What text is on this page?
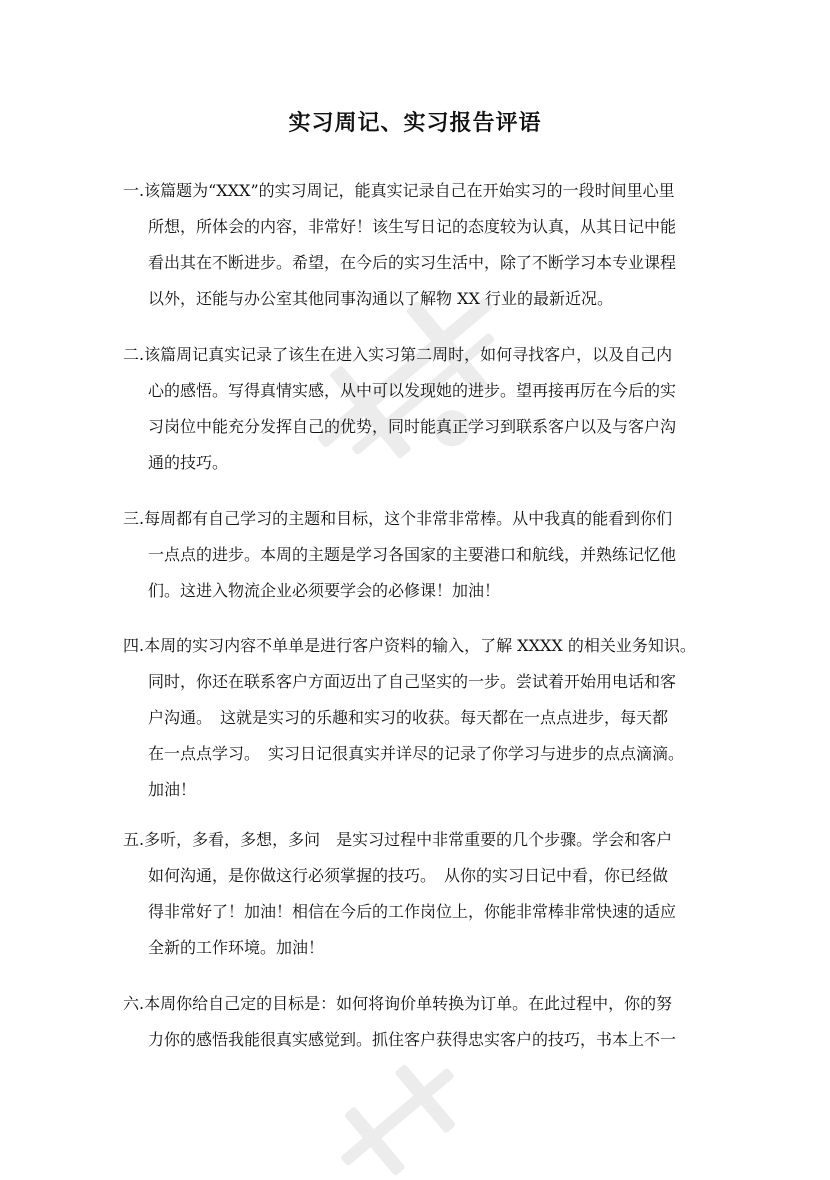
实习周记、实习报告评语
一.该篇题为“XXX”的实习周记，能真实记录自己在开始实习的一段时间里心里
所想，所体会的内容，非常好！该生写日记的态度较为认真，从其日记中能
看出其在不断进步。希望，在今后的实习生活中，除了不断学习本专业课程
以外，还能与办公室其他同事沟通以了解物 XX 行业的最新近况。
二.该篇周记真实记录了该生在进入实习第二周时，如何寻找客户，以及自己内
心的感悟。写得真情实感，从中可以发现她的进步。望再接再厉在今后的实
习岗位中能充分发挥自己的优势，同时能真正学习到联系客户以及与客户沟
通的技巧。
三.每周都有自己学习的主题和目标，这个非常非常棒。从中我真的能看到你们
一点点的进步。本周的主题是学习各国家的主要港口和航线，并熟练记忆他
们。这进入物流企业必须要学会的必修课！加油！
四.本周的实习内容不单单是进行客户资料的输入，了解 XXXX 的相关业务知识。
同时，你还在联系客户方面迈出了自己坚实的一步。尝试着开始用电话和客
户沟通。　这就是实习的乐趣和实习的收获。每天都在一点点进步，每天都
在一点点学习。　实习日记很真实并详尽的记录了你学习与进步的点点滴滴。
加油！
五.多听，多看，多想，多问　是实习过程中非常重要的几个步骤。学会和客户
如何沟通，是你做这行必须掌握的技巧。　从你的实习日记中看，你已经做
得非常好了！加油！相信在今后的工作岗位上，你能非常棒非常快速的适应
全新的工作环境。加油！
六.本周你给自己定的目标是：如何将询价单转换为订单。在此过程中，你的努
力你的感悟我能很真实感觉到。抓住客户获得忠实客户的技巧，书本上不一
